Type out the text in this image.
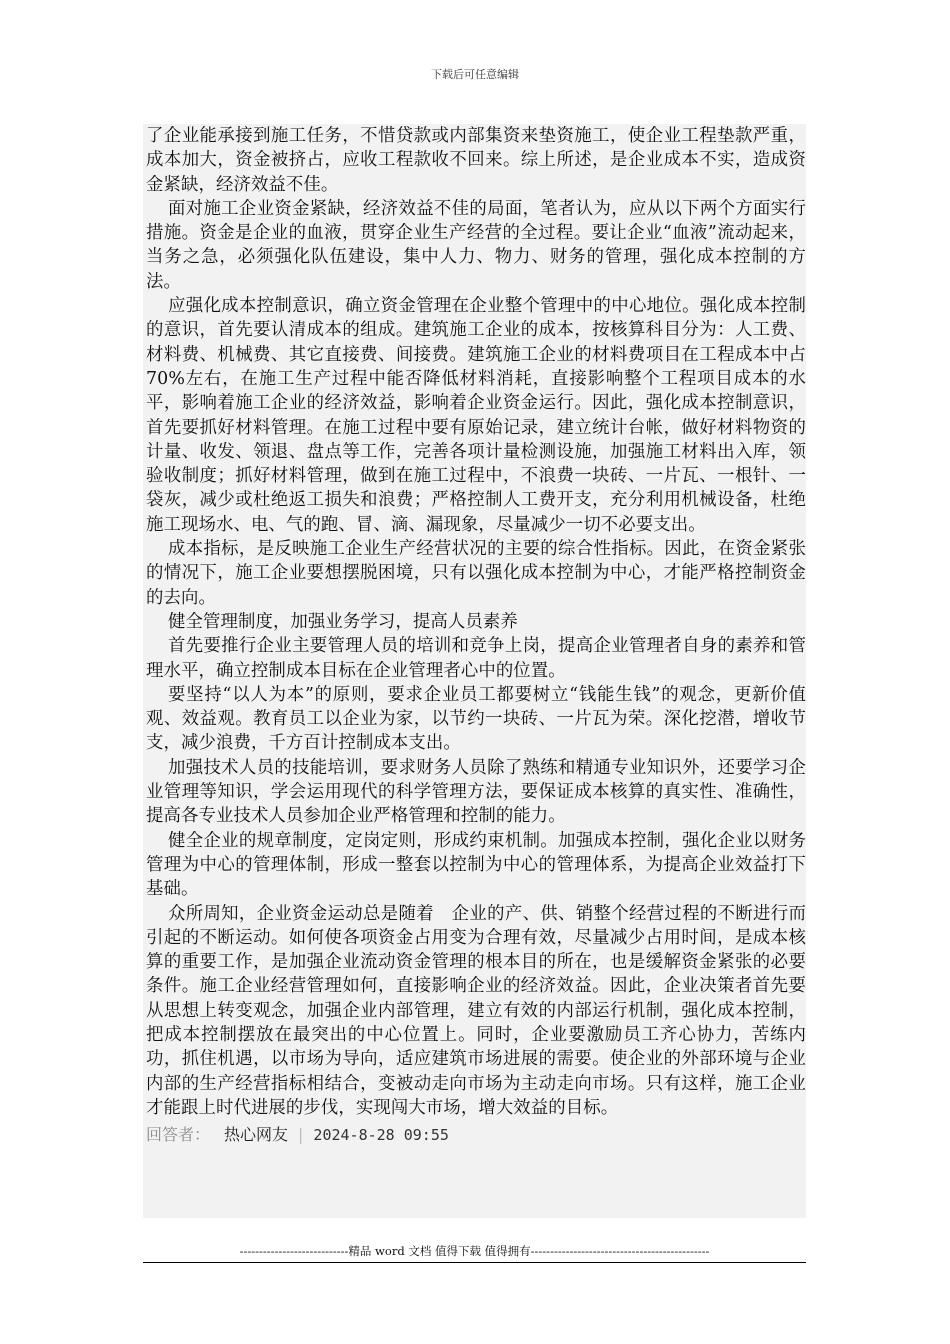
下载后可任意编辑

了企业能承接到施工任务，不惜贷款或内部集资来垫资施工，使企业工程垫款严重，成本加大，资金被挤占，应收工程款收不回来。综上所述，是企业成本不实，造成资金紧缺，经济效益不佳。

面对施工企业资金紧缺，经济效益不佳的局面，笔者认为，应从以下两个方面实行措施。资金是企业的血液，贯穿企业生产经营的全过程。要让企业“血液”流动起来，当务之急，必须强化队伍建设，集中人力、物力、财务的管理，强化成本控制的方法。

应强化成本控制意识，确立资金管理在企业整个管理中的中心地位。强化成本控制的意识，首先要认清成本的组成。建筑施工企业的成本，按核算科目分为：人工费、材料费、机械费、其它直接费、间接费。建筑施工企业的材料费项目在工程成本中占70%左右，在施工生产过程中能否降低材料消耗，直接影响整个工程项目成本的水平，影响着施工企业的经济效益，影响着企业资金运行。因此，强化成本控制意识，首先要抓好材料管理。在施工过程中要有原始记录，建立统计台帐，做好材料物资的计量、收发、领退、盘点等工作，完善各项计量检测设施，加强施工材料出入库，领验收制度；抓好材料管理，做到在施工过程中，不浪费一块砖、一片瓦、一根针、一袋灰，减少或杜绝返工损失和浪费；严格控制人工费开支，充分利用机械设备，杜绝施工现场水、电、气的跑、冒、滴、漏现象，尽量减少一切不必要支出。

成本指标，是反映施工企业生产经营状况的主要的综合性指标。因此，在资金紧张的情况下，施工企业要想摆脱困境，只有以强化成本控制为中心，才能严格控制资金的去向。

健全管理制度，加强业务学习，提高人员素养

首先要推行企业主要管理人员的培训和竞争上岗，提高企业管理者自身的素养和管理水平，确立控制成本目标在企业管理者心中的位置。

要坚持“以人为本”的原则，要求企业员工都要树立“钱能生钱”的观念，更新价值观、效益观。教育员工以企业为家，以节约一块砖、一片瓦为荣。深化挖潜，增收节支，减少浪费，千方百计控制成本支出。

加强技术人员的技能培训，要求财务人员除了熟练和精通专业知识外，还要学习企业管理等知识，学会运用现代的科学管理方法，要保证成本核算的真实性、准确性，提高各专业技术人员参加企业严格管理和控制的能力。

健全企业的规章制度，定岗定则，形成约束机制。加强成本控制，强化企业以财务管理为中心的管理体制，形成一整套以控制为中心的管理体系，为提高企业效益打下基础。

众所周知，企业资金运动总是随着　企业的产、供、销整个经营过程的不断进行而引起的不断运动。如何使各项资金占用变为合理有效，尽量减少占用时间，是成本核算的重要工作，是加强企业流动资金管理的根本目的所在，也是缓解资金紧张的必要条件。施工企业经营管理如何，直接影响企业的经济效益。因此，企业决策者首先要从思想上转变观念，加强企业内部管理，建立有效的内部运行机制，强化成本控制，把成本控制摆放在最突出的中心位置上。同时，企业要激励员工齐心协力，苦练内功，抓住机遇，以市场为导向，适应建筑市场进展的需要。使企业的外部环境与企业内部的生产经营指标相结合，变被动走向市场为主动走向市场。只有这样，施工企业才能跟上时代进展的步伐，实现闯大市场，增大效益的目标。

回答者： 热心网友 | 2024-8-28 09:55
----------------------------精品 word 文档 值得下载 值得拥有----------------------------------------------
